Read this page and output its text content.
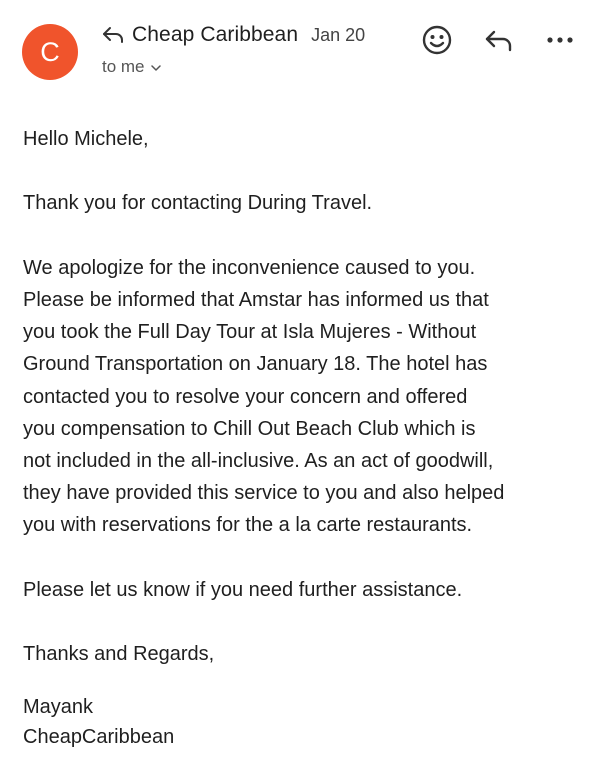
C
Cheap Caribbean Jan 20
to me
Hello Michele,
Thank you for contacting During Travel.
We apologize for the inconvenience caused to you.
Please be informed that Amstar has informed us that
you took the Full Day Tour at Isla Mujeres - Without
Ground Transportation on January 18. The hotel has
contacted you to resolve your concern and offered
you compensation to Chill Out Beach Club which is
not included in the all-inclusive. As an act of goodwill,
they have provided this service to you and also helped
you with reservations for the a la carte restaurants.
Please let us know if you need further assistance.
Thanks and Regards,
Mayank
CheapCaribbean
